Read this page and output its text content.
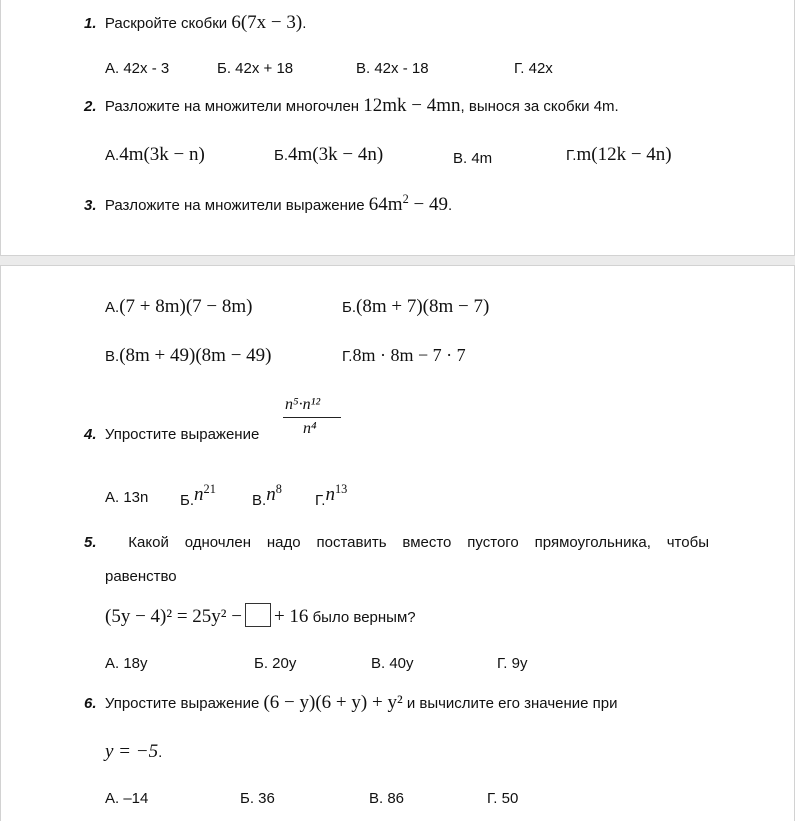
1. Раскройте скобки 6(7x − 3).
А. 42x - 3	Б. 42x + 18	В. 42x - 18	Г. 42x
2. Разложите на множители многочлен 12mk − 4mn, вынося за скобки 4m.
А.4m(3k − n)	Б.4m(3k − 4n)	В. 4m	Г.m(12k − 4n)
3. Разложите на множители выражение $64m^2 - 49$.
А.(7 + 8m)(7 − 8m)	Б.(8m + 7)(8m − 7)
В.(8m + 49)(8m − 49)	Г.8m · 8m − 7 · 7
4. Упростите выражение
n⁵·n¹²
n⁴
А. 13n $Б.n^{21}$
$В.n^8$
$Г.n^{13}$
5. Какой одночлен надо поставить вместо пустого прямоугольника, чтобы
равенство
(5y − 4)² = 25y² − + 16 было верным?
А. 18y	Б. 20y	В. 40y	Г. 9y
6. Упростите выражение (6 − y)(6 + y) + y² и вычислите его значение при
y = −5.
А. –14	Б. 36	В. 86	Г. 50
